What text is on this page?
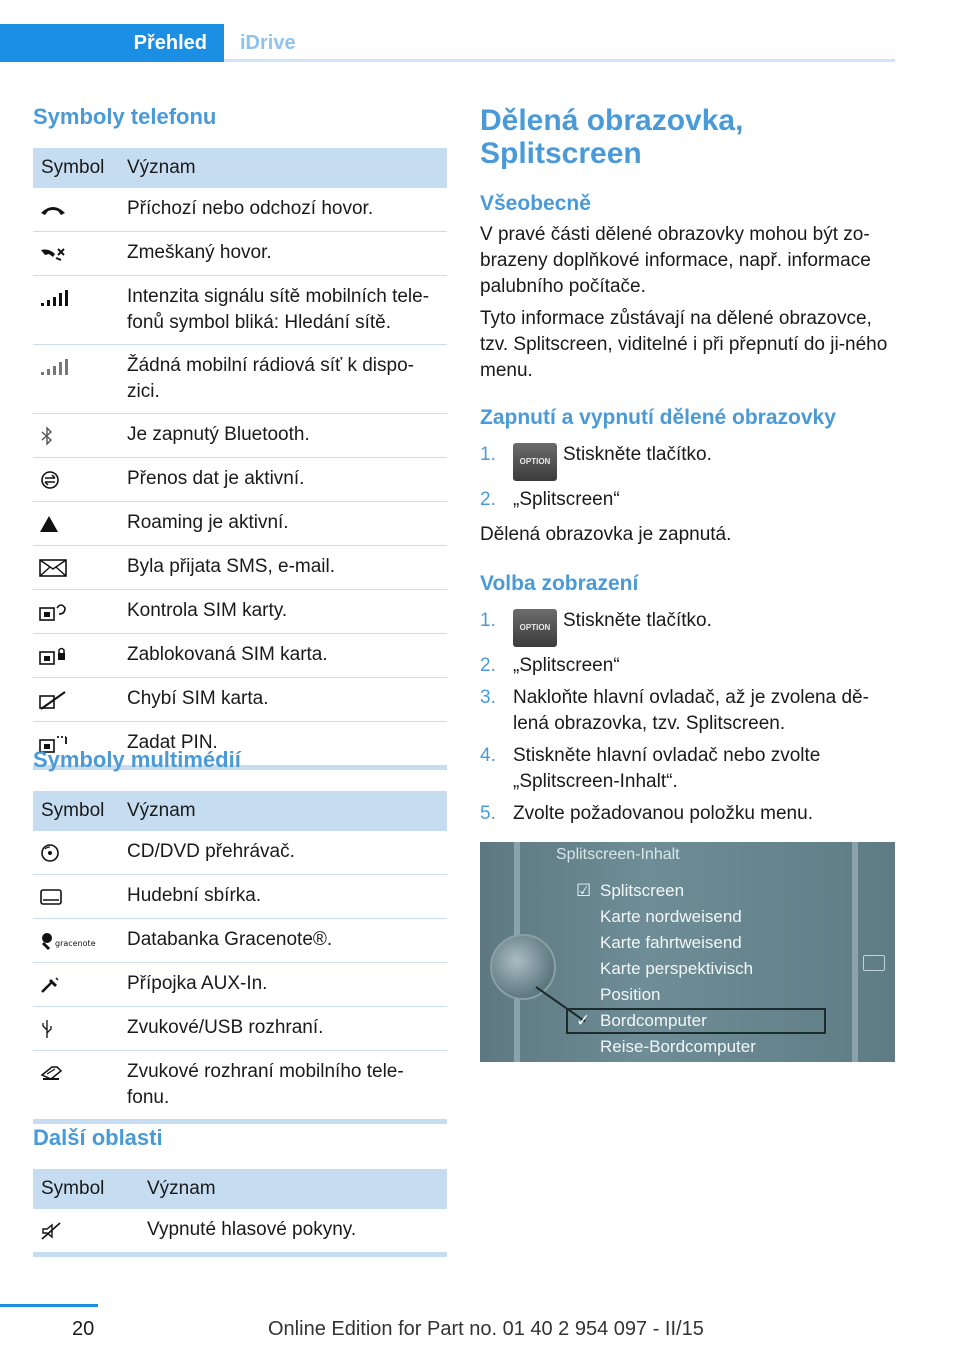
Přehled	iDrive
Symboly telefonu
Symbol	Význam
	Příchozí nebo odchozí hovor.
	Zmeškaný hovor.
	Intenzita signálu sítě mobilních tele-fonů symbol bliká: Hledání sítě.
	Žádná mobilní rádiová síť k dispo-zici.
	Je zapnutý Bluetooth.
	Přenos dat je aktivní.
	Roaming je aktivní.
	Byla přijata SMS, e-mail.
	Kontrola SIM karty.
	Zablokovaná SIM karta.
	Chybí SIM karta.
	Zadat PIN.
Symboly multimédií
Symbol	Význam
	CD/DVD přehrávač.
	Hudební sbírka.

gracenote	Databanka Gracenote®.
	Přípojka AUX-In.
	Zvukové/USB rozhraní.
	Zvukové rozhraní mobilního tele-fonu.
Další oblasti
Symbol	Význam
	Vypnuté hlasové pokyny.
Dělená obrazovka, Splitscreen
Všeobecně
V pravé části dělené obrazovky mohou být zo-brazeny doplňkové informace, např. informace palubního počítače.
Tyto informace zůstávají na dělené obrazovce, tzv. Splitscreen, viditelné i při přepnutí do ji-ného menu.
Zapnutí a vypnutí dělené obrazovky
1.	OPTION Stiskněte tlačítko.
2. „Splitscreen“
Dělená obrazovka je zapnutá.
Volba zobrazení
1.	OPTION Stiskněte tlačítko.
2. „Splitscreen“
3. Nakloňte hlavní ovladač, až je zvolena dě-lená obrazovka, tzv. Splitscreen.
4. Stiskněte hlavní ovladač nebo zvolte „Splitscreen-Inhalt“.
5. Zvolte požadovanou položku menu.
Splitscreen-Inhalt
☑ Splitscreen
Karte nordweisend
Karte fahrtweisend
Karte perspektivisch
Position
✓ Bordcomputer
Reise-Bordcomputer
20	Online Edition for Part no. 01 40 2 954 097 - II/15
